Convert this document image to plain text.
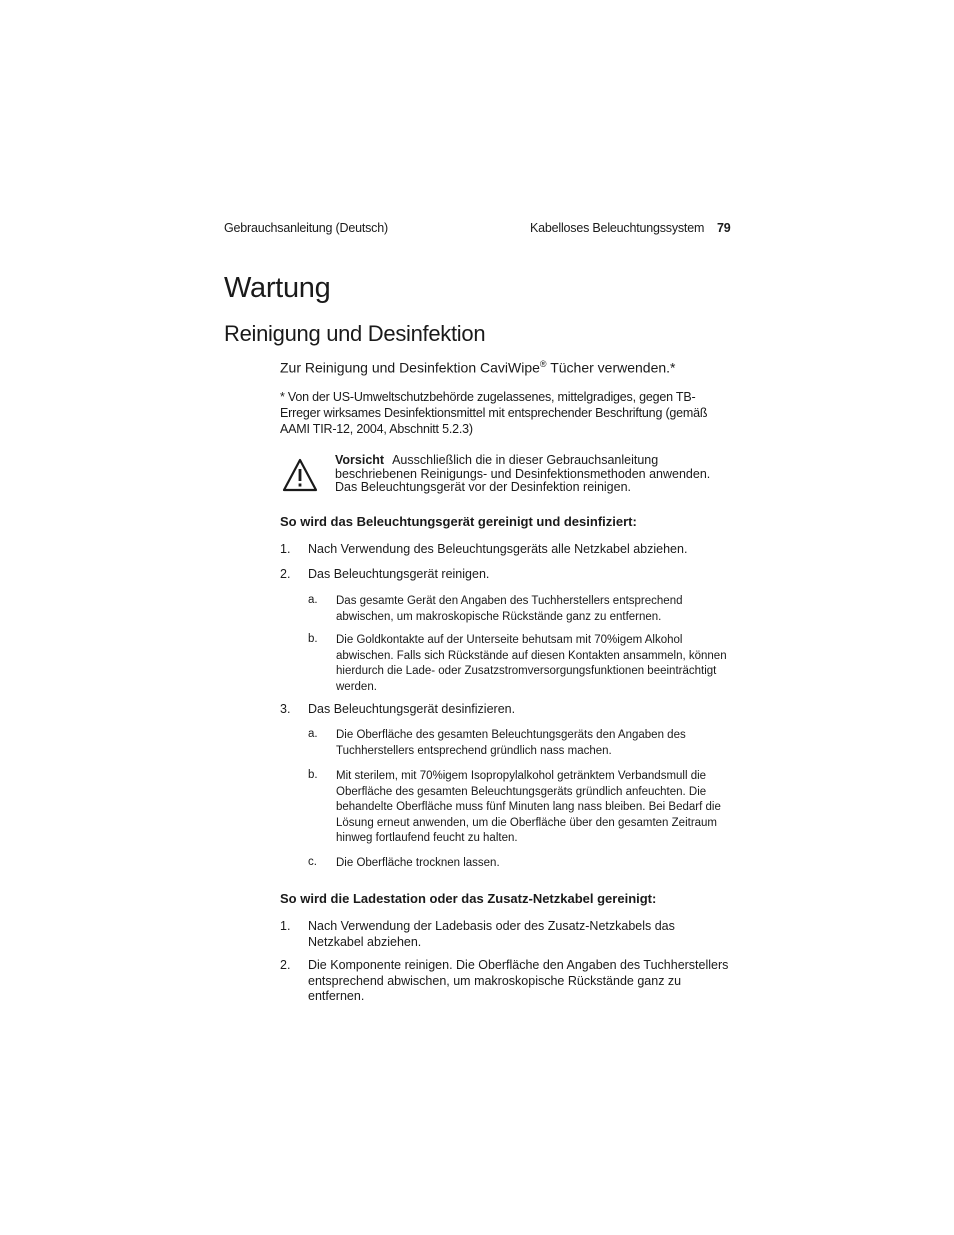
Gebrauchsanleitung (Deutsch)	Kabelloses Beleuchtungssystem 79
Wartung
Reinigung und Desinfektion
Zur Reinigung und Desinfektion CaviWipe® Tücher verwenden.*
* Von der US-Umweltschutzbehörde zugelassenes, mittelgradiges, gegen TB-Erreger wirksames Desinfektionsmittel mit entsprechender Beschriftung (gemäß AAMI TIR-12, 2004, Abschnitt 5.2.3)
Vorsicht Ausschließlich die in dieser Gebrauchsanleitung beschriebenen Reinigungs- und Desinfektionsmethoden anwenden. Das Beleuchtungsgerät vor der Desinfektion reinigen.
So wird das Beleuchtungsgerät gereinigt und desinfiziert:
1. Nach Verwendung des Beleuchtungsgeräts alle Netzkabel abziehen.
2. Das Beleuchtungsgerät reinigen.
a. Das gesamte Gerät den Angaben des Tuchherstellers entsprechend abwischen, um makroskopische Rückstände ganz zu entfernen.
b. Die Goldkontakte auf der Unterseite behutsam mit 70%igem Alkohol abwischen. Falls sich Rückstände auf diesen Kontakten ansammeln, können hierdurch die Lade- oder Zusatzstromversorgungsfunktionen beeinträchtigt werden.
3. Das Beleuchtungsgerät desinfizieren.
a. Die Oberfläche des gesamten Beleuchtungsgeräts den Angaben des Tuchherstellers entsprechend gründlich nass machen.
b. Mit sterilem, mit 70%igem Isopropylalkohol getränktem Verbandsmull die Oberfläche des gesamten Beleuchtungsgeräts gründlich anfeuchten. Die behandelte Oberfläche muss fünf Minuten lang nass bleiben. Bei Bedarf die Lösung erneut anwenden, um die Oberfläche über den gesamten Zeitraum hinweg fortlaufend feucht zu halten.
c. Die Oberfläche trocknen lassen.
So wird die Ladestation oder das Zusatz-Netzkabel gereinigt:
1. Nach Verwendung der Ladebasis oder des Zusatz-Netzkabels das Netzkabel abziehen.
2. Die Komponente reinigen. Die Oberfläche den Angaben des Tuchherstellers entsprechend abwischen, um makroskopische Rückstände ganz zu entfernen.
